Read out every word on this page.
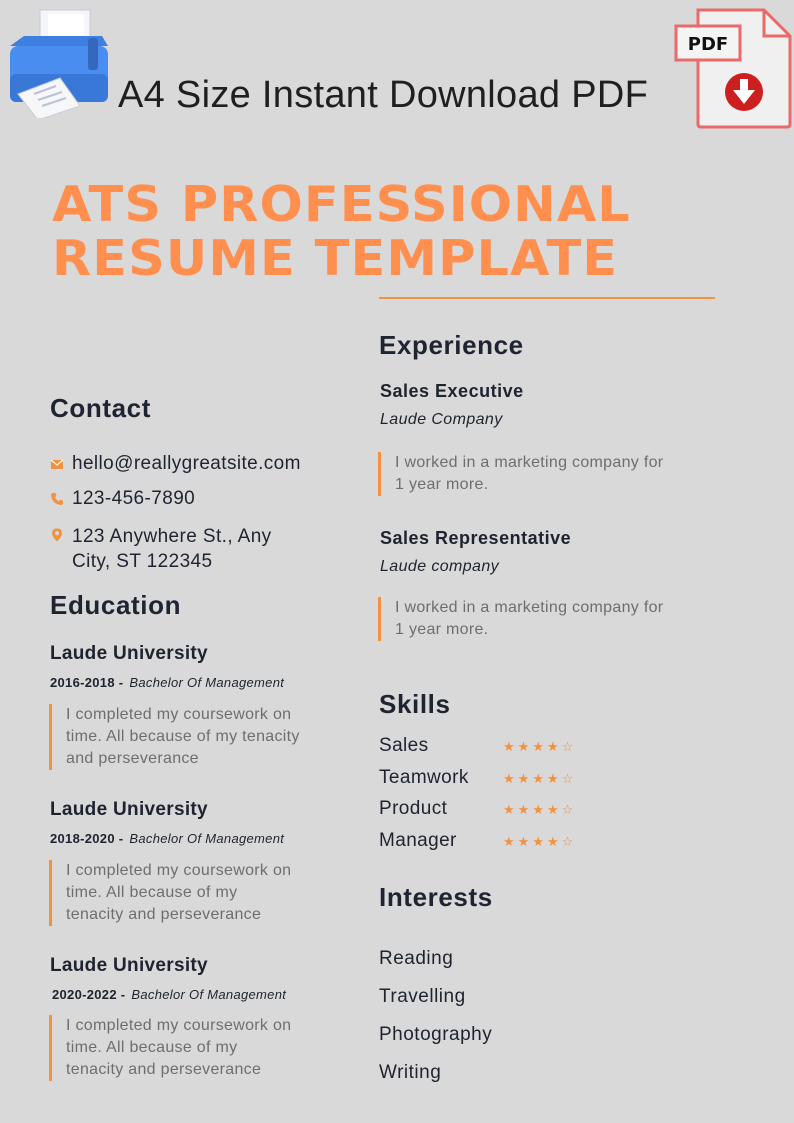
A4 Size Instant Download PDF
PDF
ATS PROFESSIONAL
RESUME TEMPLATE
Contact
hello@reallygreatsite.com
123-456-7890
123 Anywhere St., Any
City, ST 122345
Education
Laude University
2016-2018 - Bachelor Of Management
I completed my coursework on
time. All because of my tenacity
and perseverance
Laude University
2018-2020 - Bachelor Of Management
I completed my coursework on
time. All because of my
tenacity and perseverance
Laude University
2020-2022 - Bachelor Of Management
I completed my coursework on
time. All because of my
tenacity and perseverance
Experience
Sales Executive
Laude Company
I worked in a marketing company for
1 year more.
Sales Representative
Laude company
I worked in a marketing company for
1 year more.
Skills
Sales	★ ★ ★ ★ ☆
Teamwork	★ ★ ★ ★ ☆
Product	★ ★ ★ ★ ☆
Manager	★ ★ ★ ★ ☆
Interests
Reading
Travelling
Photography
Writing
